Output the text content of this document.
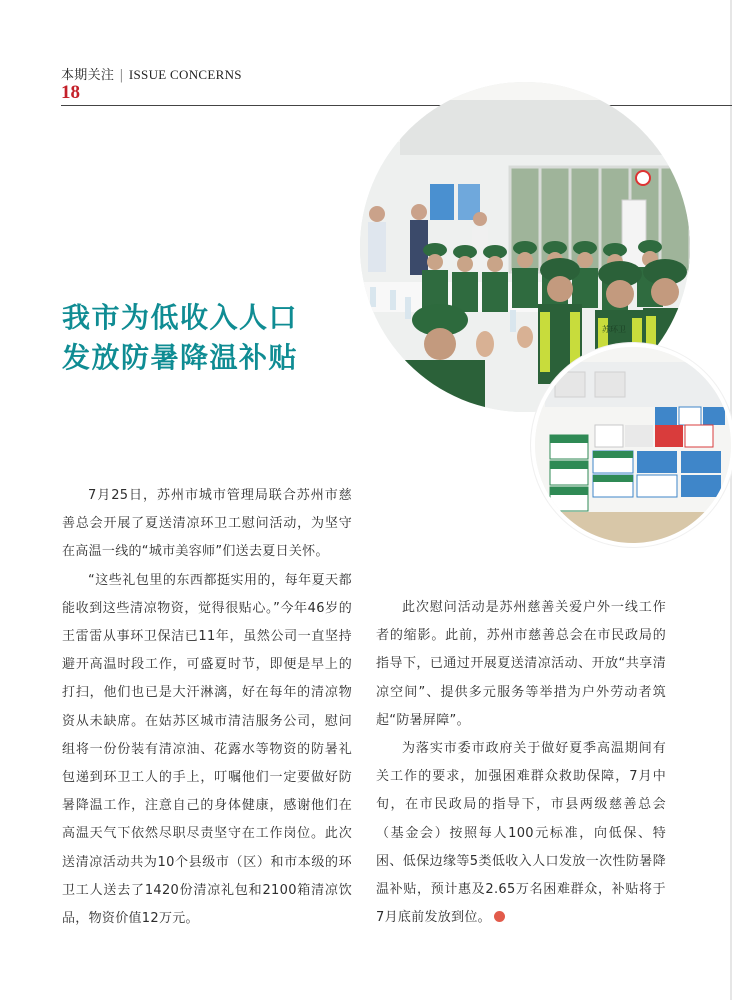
本期关注 | ISSUE CONCERNS
18
我市为低收入人口
发放防暑降温补贴
苏环卫

7月25日，苏州市城市管理局联合苏州市慈善总会开展了夏送清凉环卫工慰问活动，为坚守在高温一线的“城市美容师”们送去夏日关怀。

“这些礼包里的东西都挺实用的，每年夏天都能收到这些清凉物资，觉得很贴心。”今年46岁的王雷雷从事环卫保洁已11年，虽然公司一直坚持避开高温时段工作，可盛夏时节，即便是早上的打扫，他们也已是大汗淋漓，好在每年的清凉物资从未缺席。在姑苏区城市清洁服务公司，慰问组将一份份装有清凉油、花露水等物资的防暑礼包递到环卫工人的手上，叮嘱他们一定要做好防暑降温工作，注意自己的身体健康，感谢他们在高温天气下依然尽职尽责坚守在工作岗位。此次送清凉活动共为10个县级市（区）和市本级的环卫工人送去了1420份清凉礼包和2100箱清凉饮品，物资价值12万元。

此次慰问活动是苏州慈善关爱户外一线工作者的缩影。此前，苏州市慈善总会在市民政局的指导下，已通过开展夏送清凉活动、开放“共享清凉空间”、提供多元服务等举措为户外劳动者筑起“防暑屏障”。

为落实市委市政府关于做好夏季高温期间有关工作的要求，加强困难群众救助保障，7月中旬，在市民政局的指导下，市县两级慈善总会（基金会）按照每人100元标准，向低保、特困、低保边缘等5类低收入人口发放一次性防暑降温补贴，预计惠及2.65万名困难群众，补贴将于7月底前发放到位。
